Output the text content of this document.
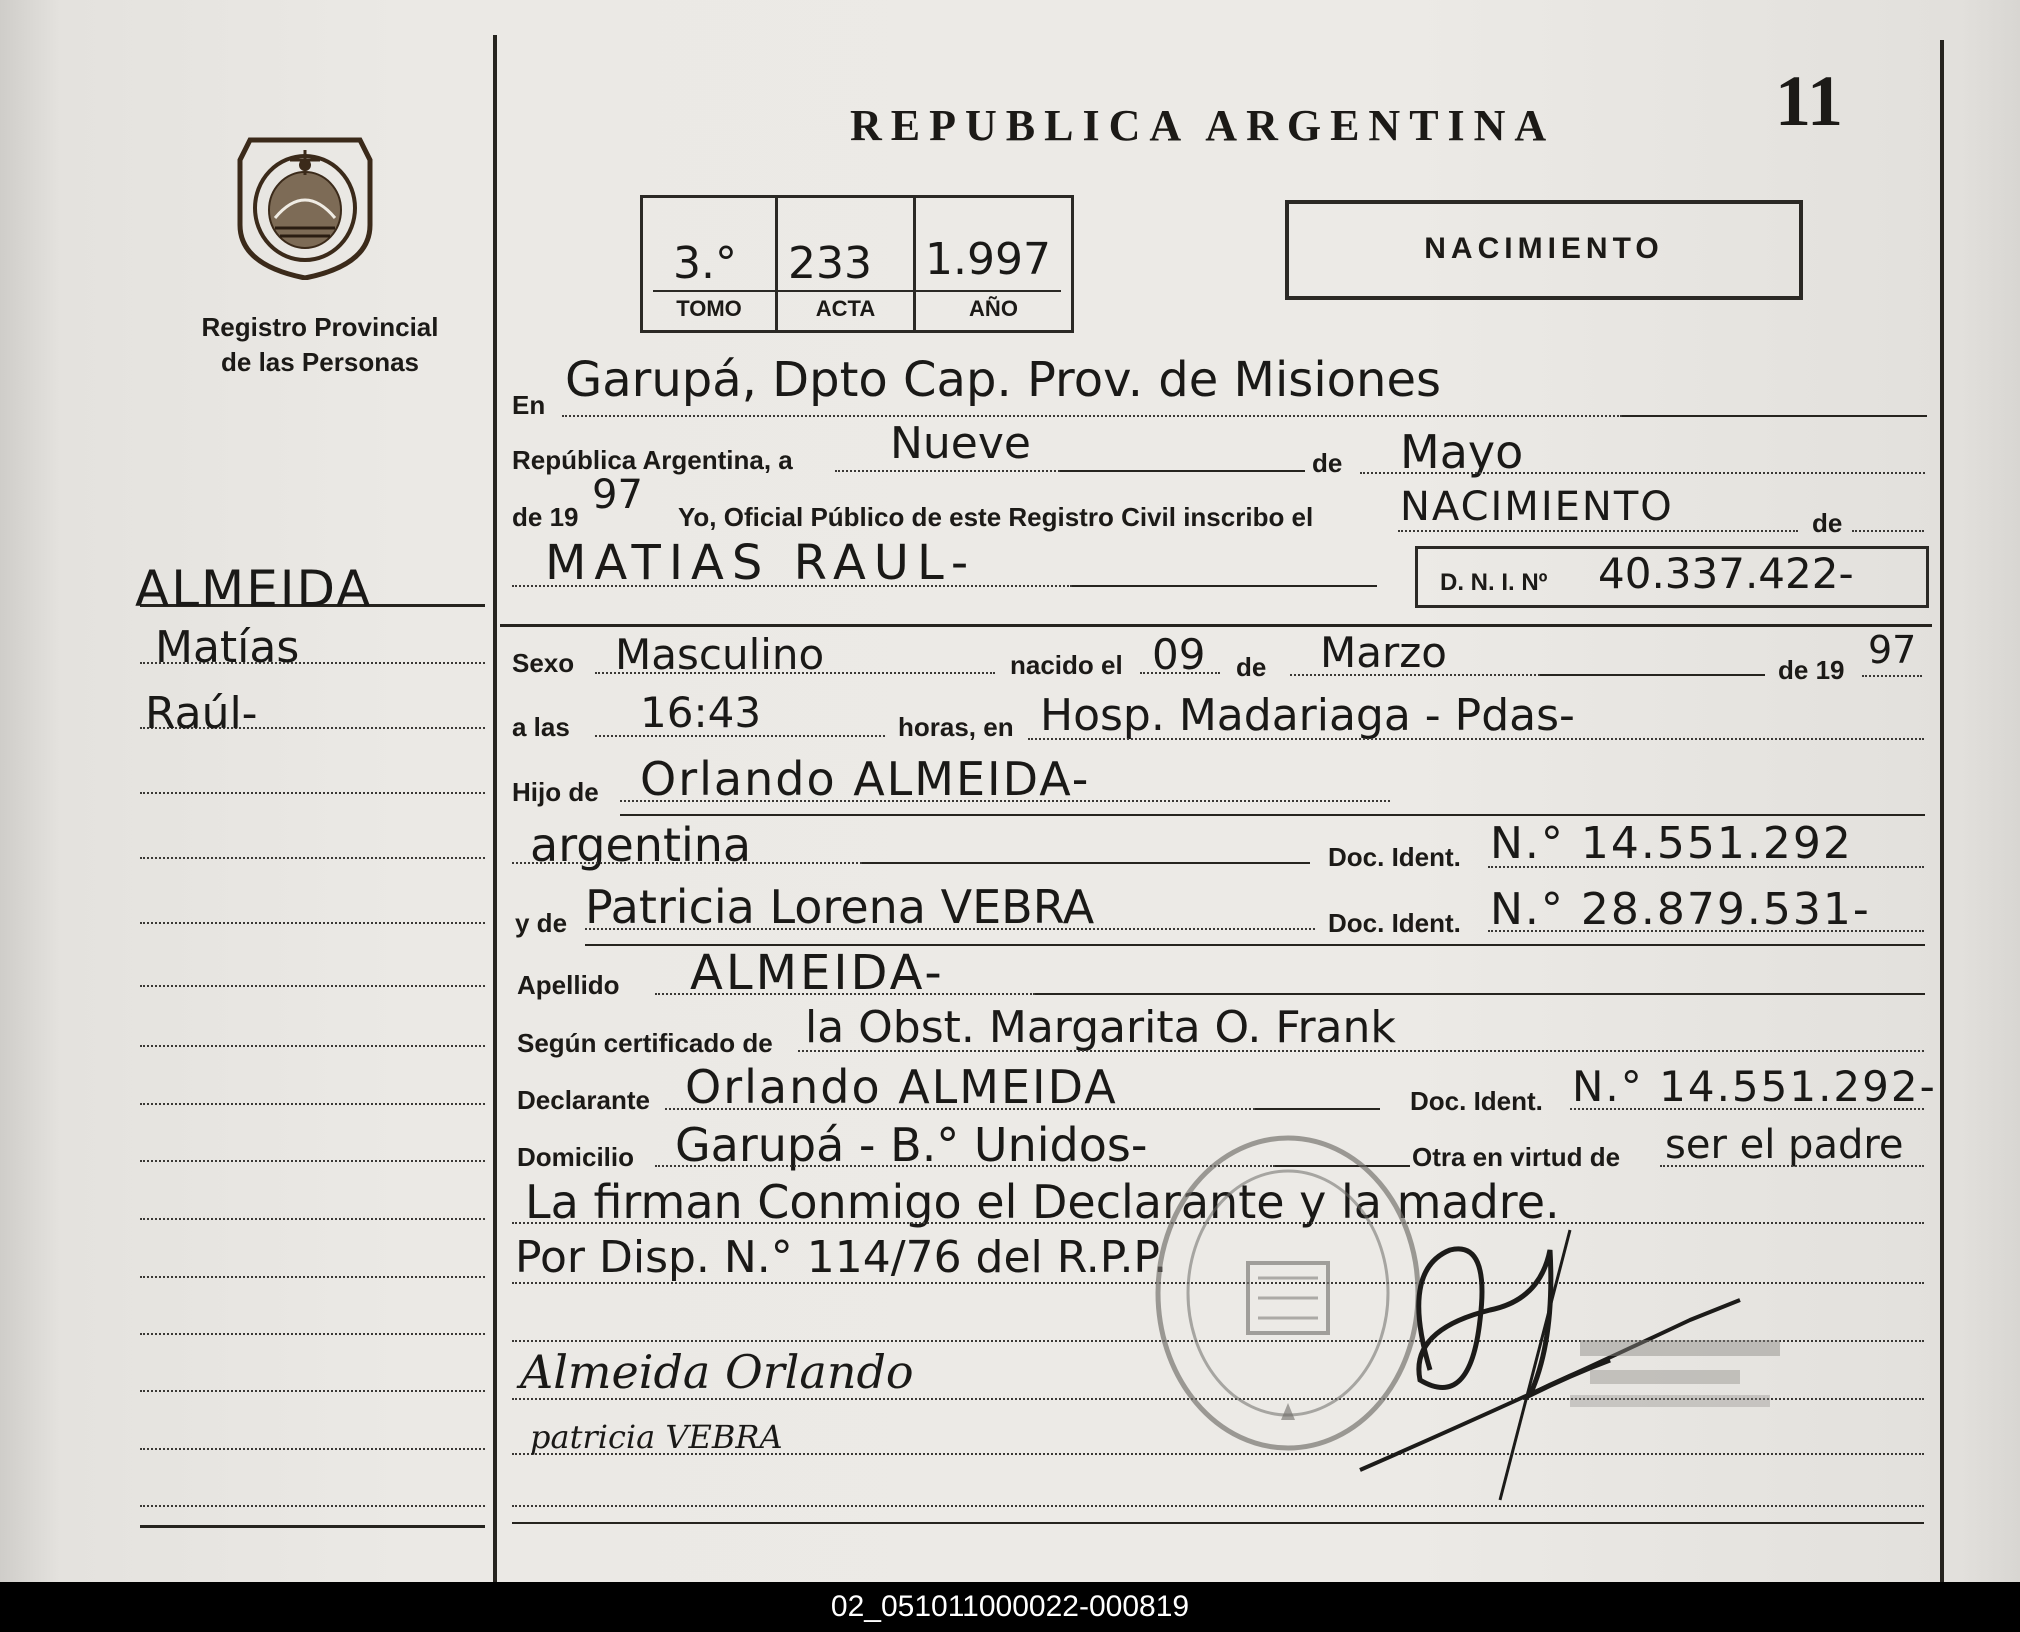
Registro Provincial
de las Personas
REPUBLICA ARGENTINA	11
3.° 233 1.997
TOMO	ACTA	AÑO
NACIMIENTO
ALMEIDA
Matías
Raúl-
En Garupá, Dpto Cap. Prov. de Misiones
República Argentina, a Nueve	de Mayo
de 19 97 Yo, Oficial Público de este Registro Civil inscribo el NACIMIENTO	de
MATIAS RAUL-	D. N. I. Nº 40.337.422-
Sexo Masculino	nacido el 09 de Marzo	de 19 97
a las 16:43	horas, en Hosp. Madariaga - Pdas-
Hijo de Orlando ALMEIDA-
argentina	Doc. Ident. N.° 14.551.292
y de Patricia Lorena VEBRA	Doc. Ident. N.° 28.879.531-
Apellido ALMEIDA-
Según certificado de la Obst. Margarita O. Frank
Declarante Orlando ALMEIDA	Doc. Ident. N.° 14.551.292-
Domicilio Garupá - B.° Unidos-	Otra en virtud de ser el padre
La firman Conmigo el Declarante y la madre.
Por Disp. N.° 114/76 del R.P.P.
Almeida Orlando
patricia VEBRA
02_051011000022-000819
